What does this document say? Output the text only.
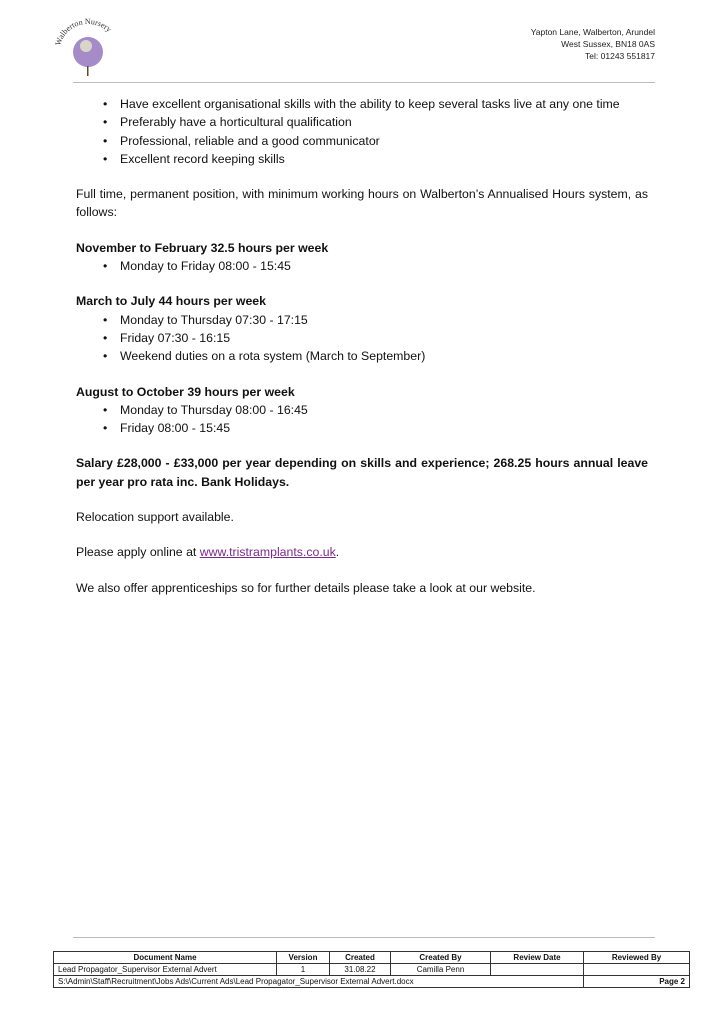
Walberton Nursery	Yapton Lane, Walberton, Arundel
West Sussex, BN18 0AS
Tel: 01243 551817
• Have excellent organisational skills with the ability to keep several tasks live at any one time
• Preferably have a horticultural qualification
• Professional, reliable and a good communicator
• Excellent record keeping skills

Full time, permanent position, with minimum working hours on Walberton’s Annualised Hours system, as follows:

November to February 32.5 hours per week

• Monday to Friday 08:00 - 15:45

March to July 44 hours per week

• Monday to Thursday 07:30 - 17:15
• Friday 07:30 - 16:15
• Weekend duties on a rota system (March to September)

August to October 39 hours per week

• Monday to Thursday 08:00 - 16:45
• Friday 08:00 - 15:45

Salary £28,000 - £33,000 per year depending on skills and experience; 268.25 hours annual leave per year pro rata inc. Bank Holidays.

Relocation support available.

Please apply online at www.tristramplants.co.uk.

We also offer apprenticeships so for further details please take a look at our website.

Document Name	Version	Created	Created By	Review Date	Reviewed By
Lead Propagator_Supervisor External Advert	1	31.08.22	Camilla Penn		
S:\Admin\Staff\Recruitment\Jobs Ads\Current Ads\Lead Propagator_Supervisor External Advert.docx					Page 2
